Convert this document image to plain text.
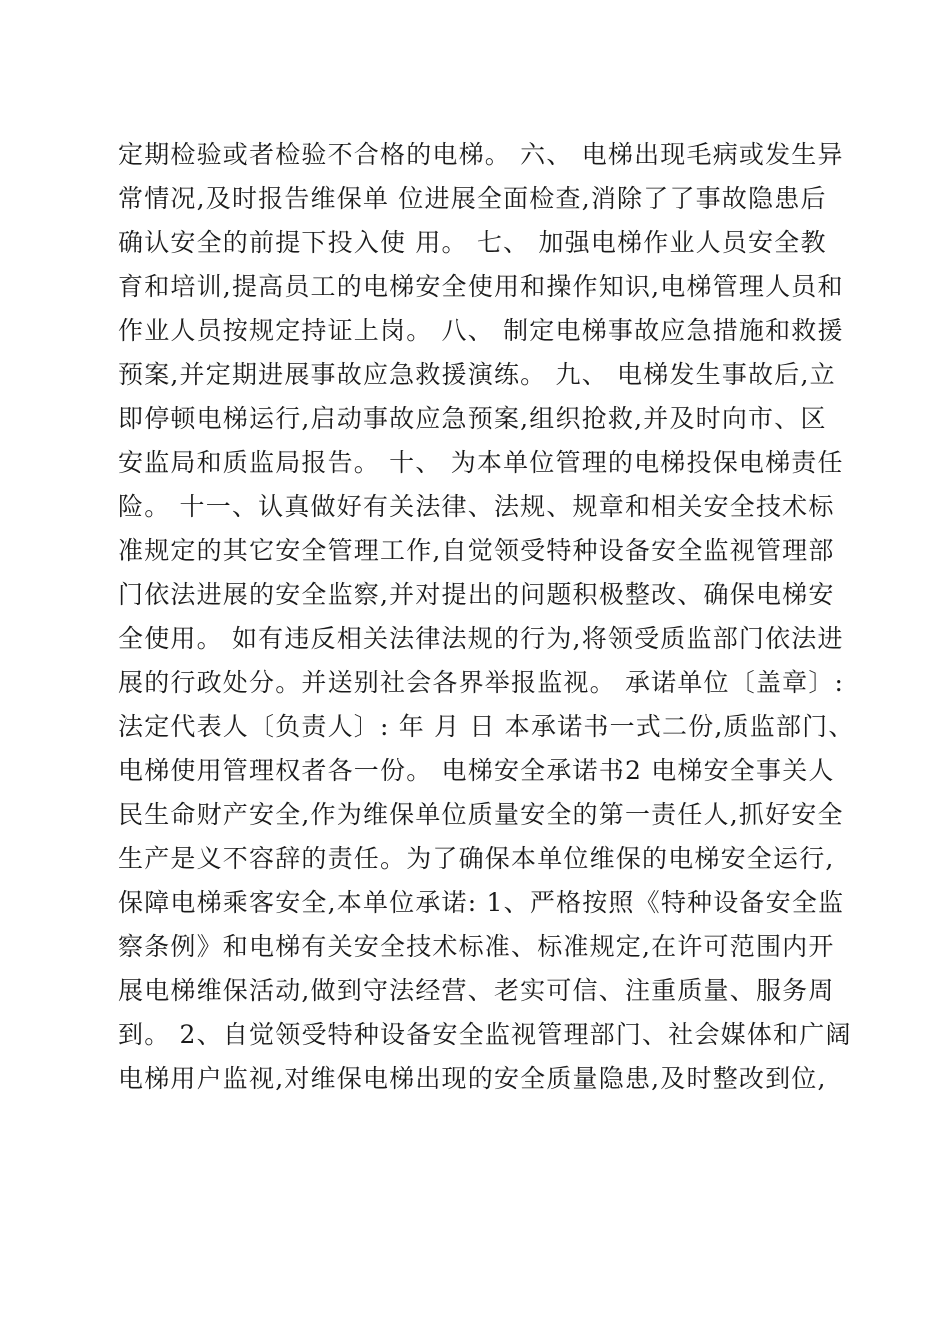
定期检验或者检验不合格的电梯。 六、 电梯出现毛病或发生异
常情况,及时报告维保单 位进展全面检查,消除了了事故隐患后
确认安全的前提下投入使 用。 七、 加强电梯作业人员安全教
育和培训,提高员工的电梯安全使用和操作知识,电梯管理人员和
作业人员按规定持证上岗。 八、 制定电梯事故应急措施和救援
预案,并定期进展事故应急救援演练。 九、 电梯发生事故后,立
即停顿电梯运行,启动事故应急预案,组织抢救,并及时向市、区
安监局和质监局报告。 十、 为本单位管理的电梯投保电梯责任
险。 十一、认真做好有关法律、法规、规章和相关安全技术标
准规定的其它安全管理工作,自觉领受特种设备安全监视管理部
门依法进展的安全监察,并对提出的问题积极整改、确保电梯安
全使用。 如有违反相关法律法规的行为,将领受质监部门依法进
展的行政处分。并送别社会各界举报监视。 承诺单位〔盖章〕:
法定代表人〔负责人〕: 年 月 日 本承诺书一式二份,质监部门、
电梯使用管理权者各一份。 电梯安全承诺书2 电梯安全事关人
民生命财产安全,作为维保单位质量安全的第一责任人,抓好安全
生产是义不容辞的责任。为了确保本单位维保的电梯安全运行,
保障电梯乘客安全,本单位承诺: 1、严格按照《特种设备安全监
察条例》和电梯有关安全技术标准、标准规定,在许可范围内开
展电梯维保活动,做到守法经营、老实可信、注重质量、服务周
到。 2、自觉领受特种设备安全监视管理部门、社会媒体和广阔
电梯用户监视,对维保电梯出现的安全质量隐患,及时整改到位,
